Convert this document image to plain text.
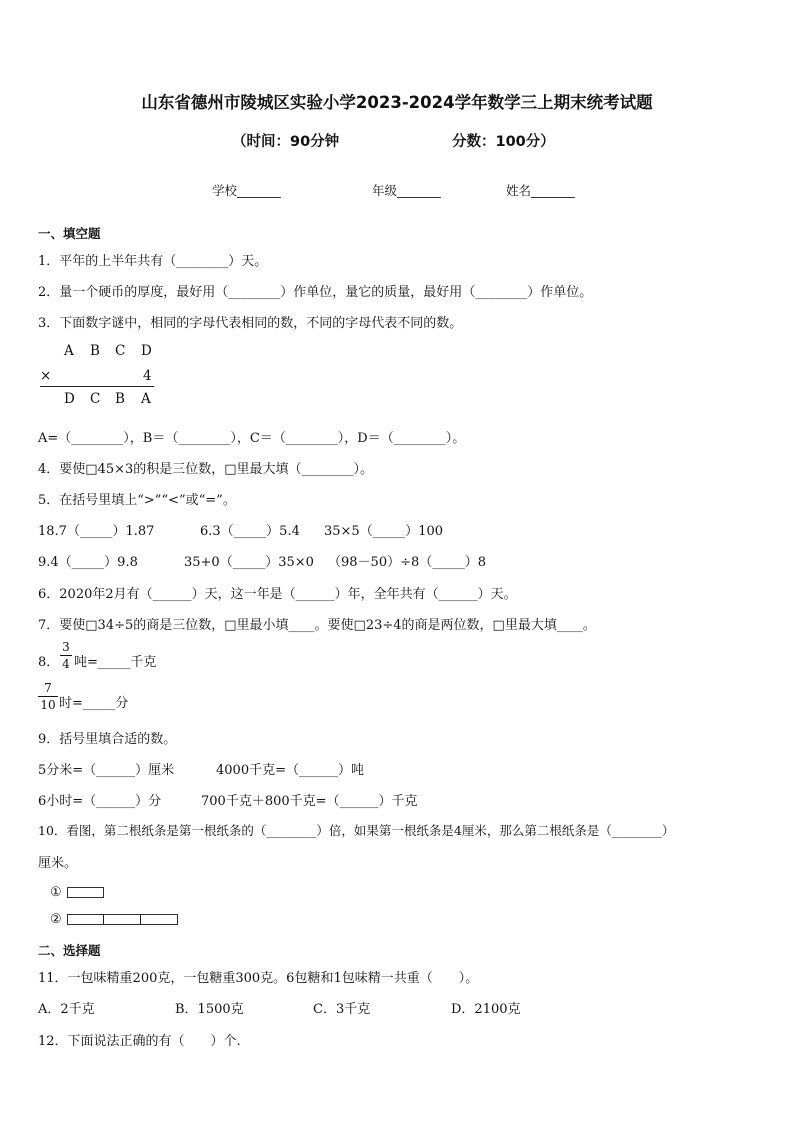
山东省德州市陵城区实验小学2023-2024学年数学三上期末统考试题
（时间：90分钟	分数：100分）
学校_______	年级_______	姓名_______
一、填空题
1．平年的上半年共有（________）天。
2．量一个硬币的厚度，最好用（________）作单位，量它的质量，最好用（________）作单位。
3．下面数字谜中，相同的字母代表相同的数，不同的字母代表不同的数。
A B C D
×	4
D C B A
A=（________），B＝（________），C＝（________），D＝（________）。
4．要使□45×3的积是三位数，□里最大填（________）。
5．在括号里填上“>”“<”或“=”。
18.7（_____）1.87	6.3（_____）5.4 35×5（_____）100
9.4（_____）9.8	35+0（_____）35×0 （98－50）÷8（_____）8
6．2020年2月有（______）天，这一年是（______）年，全年共有（______）天。
7．要使□34÷5的商是三位数，□里最小填____。要使□23÷4的商是两位数，□里最大填____。
8．
3
4 吨=_____千克
7
10 时=_____分
9．括号里填合适的数。
5分米=（______）厘米	4000千克=（______）吨
6小时=（______）分	700千克＋800千克=（______）千克
10．看图，第二根纸条是第一根纸条的（________）倍，如果第一根纸条是4厘米，那么第二根纸条是（________）
厘米。
①
②
二、选择题
11．一包味精重200克，一包糖重300克。6包糖和1包味精一共重（　　）。
A．2千克	B．1500克	C．3千克	D．2100克
12．下面说法正确的有（　　）个.
